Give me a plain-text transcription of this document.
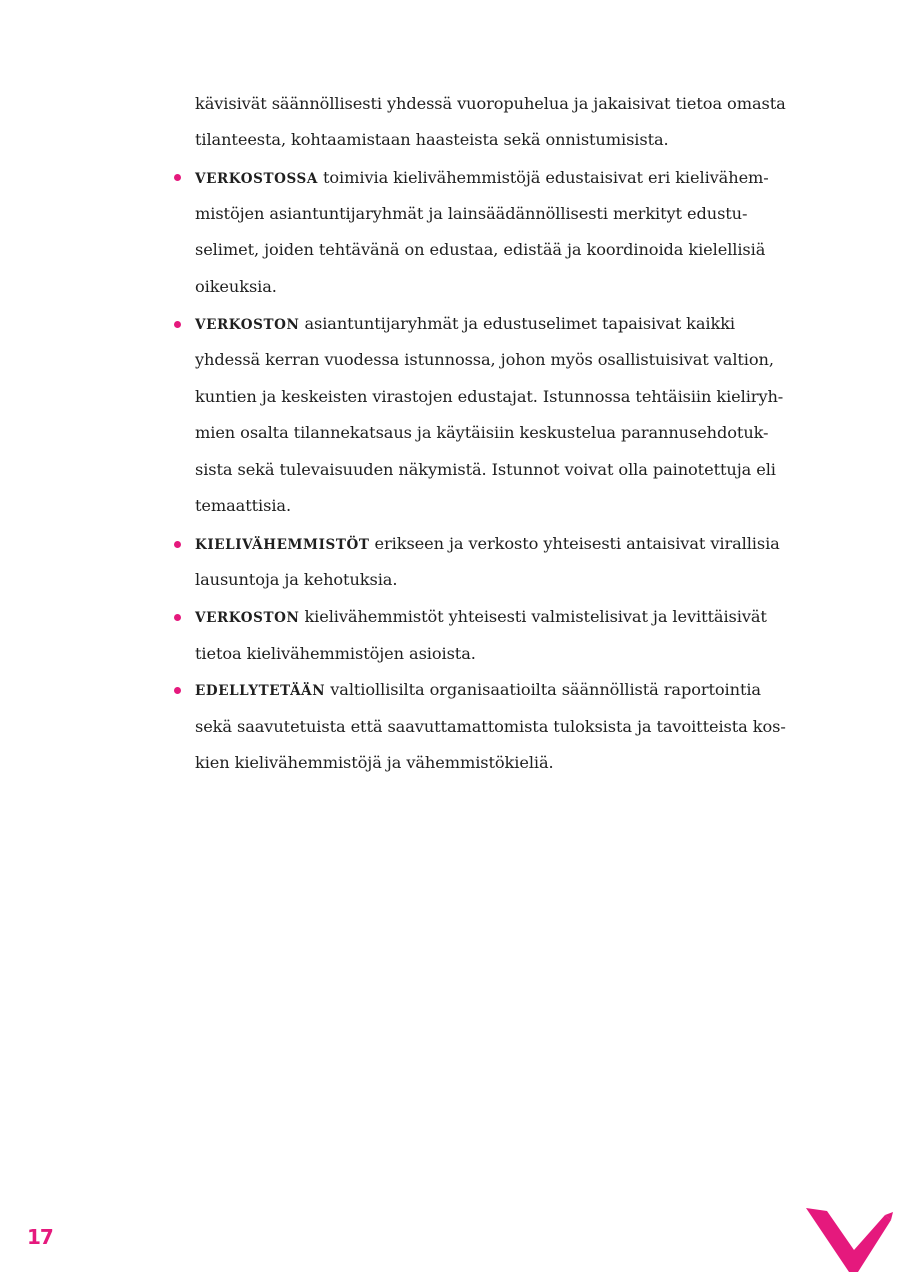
kävisivät säännöllisesti yhdessä vuoropuhelua ja jakaisivat tietoa omasta
tilanteesta, kohtaamistaan haasteista sekä onnistumisista.
VERKOSTOSSA toimivia kielivähemmistöjä edustaisivat eri kielivähem-
mistöjen asiantuntijaryhmät ja lainsäädännöllisesti merkityt edustu-
selimet, joiden tehtävänä on edustaa, edistää ja koordinoida kielellisiä
oikeuksia.
VERKOSTON asiantuntijaryhmät ja edustuselimet tapaisivat kaikki
yhdessä kerran vuodessa istunnossa, johon myös osallistuisivat valtion,
kuntien ja keskeisten virastojen edustajat. Istunnossa tehtäisiin kieliryh-
mien osalta tilannekatsaus ja käytäisiin keskustelua parannusehdotuk-
sista sekä tulevaisuuden näkymistä. Istunnot voivat olla painotettuja eli
temaattisia.
KIELIVÄHEMMISTÖT erikseen ja verkosto yhteisesti antaisivat virallisia
lausuntoja ja kehotuksia.
VERKOSTON kielivähemmistöt yhteisesti valmistelisivat ja levittäisivät
tietoa kielivähemmistöjen asioista.
EDELLYTETÄÄN valtiollisilta organisaatioilta säännöllistä raportointia
sekä saavutetuista että saavuttamattomista tuloksista ja tavoitteista kos-
kien kielivähemmistöjä ja vähemmistökieliä.
17
